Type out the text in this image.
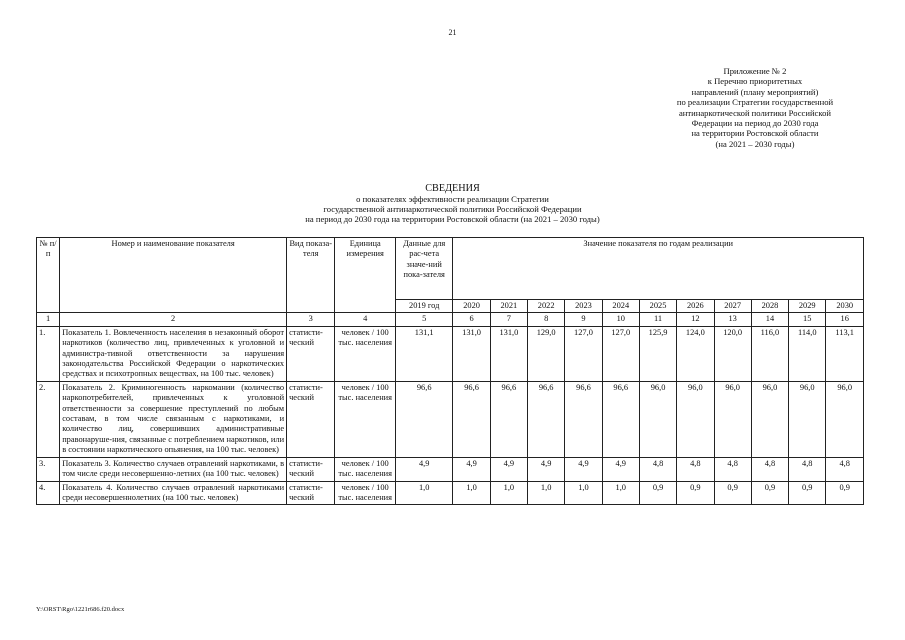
21
Приложение № 2
к Перечню приоритетных
направлений (плану мероприятий)
по реализации Стратегии государственной
антинаркотической политики Российской
Федерации на период до 2030 года
на территории Ростовской области
(на 2021 – 2030 годы)
СВЕДЕНИЯ
о показателях эффективности реализации Стратегии
государственной антинаркотической политики Российской Федерации
на период до 2030 года на территории Ростовской области (на 2021 – 2030 годы)
№ п/п	Номер и наименование показателя	Вид показа-теля	Единица измерения	Данные для рас-чета значе-ний пока-зателя	Значение показателя по годам реализации										
				2019 год	2020	2021	2022	2023	2024	2025	2026	2027	2028	2029	2030
1	2	3	4	5	6	7	8	9	10	11	12	13	14	15	16
1.	Показатель 1. Вовлеченность населения в незаконный оборот наркотиков (количество лиц, привлеченных к уголовной и администра-тивной ответственности за нарушения законодательства Российской Федерации о наркотических средствах и психотропных веществах, на 100 тыс. человек)	статисти-ческий	человек / 100 тыс. населения	131,1	131,0	131,0	129,0	127,0	127,0	125,9	124,0	120,0	116,0	114,0	113,1
2.	Показатель 2. Криминогенность наркомании (количество наркопотребителей, привлеченных к уголовной ответственности за совершение преступлений по любым составам, в том числе связанным с наркотиками, и количество лиц, совершивших административные правонаруше-ния, связанные с потреблением наркотиков, или в состоянии наркотического опьянения, на 100 тыс. человек)	статисти-ческий	человек / 100 тыс. населения	96,6	96,6	96,6	96,6	96,6	96,6	96,0	96,0	96,0	96,0	96,0	96,0
3.	Показатель 3. Количество случаев отравлений наркотиками, в том числе среди несовершенно-летних (на 100 тыс. человек)	статисти-ческий	человек / 100 тыс. населения	4,9	4,9	4,9	4,9	4,9	4,9	4,8	4,8	4,8	4,8	4,8	4,8
4.	Показатель 4. Количество случаев отравлений наркотиками среди несовершеннолетних (на 100 тыс. человек)	статисти-ческий	человек / 100 тыс. населения	1,0	1,0	1,0	1,0	1,0	1,0	0,9	0,9	0,9	0,9	0,9	0,9
Y:\ORST\Rgo\1221r686.f20.docx
